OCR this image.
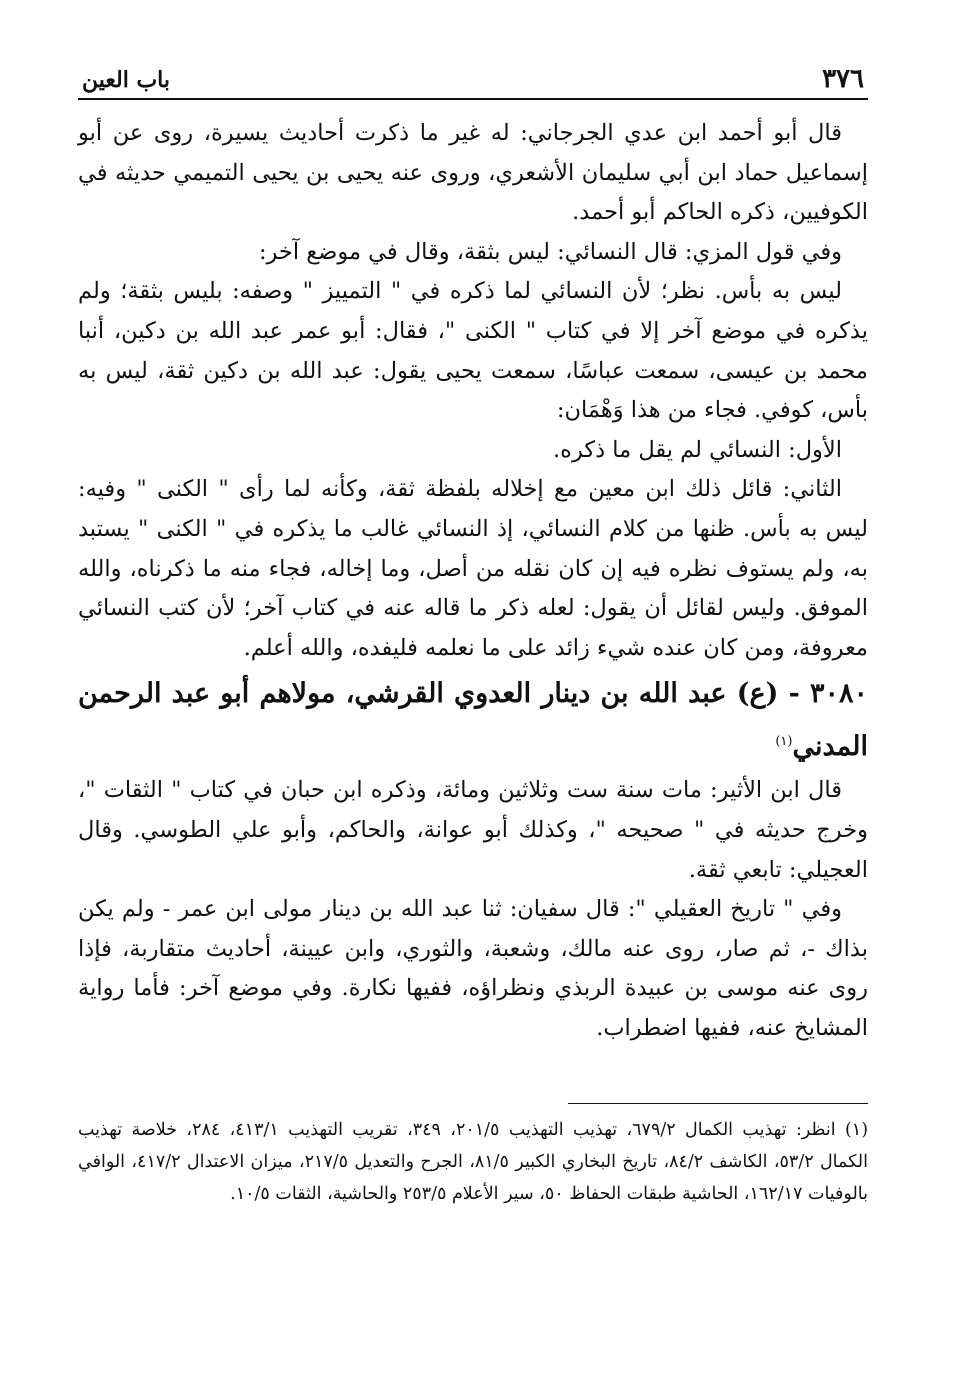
٣٧٦
باب العين

قال أبو أحمد ابن عدي الجرجاني: له غير ما ذكرت أحاديث يسيرة، روى عن أبو إسماعيل حماد ابن أبي سليمان الأشعري، وروى عنه يحيى بن يحيى التميمي حديثه في الكوفيين، ذكره الحاكم أبو أحمد.

وفي قول المزي: قال النسائي: ليس بثقة، وقال في موضع آخر:

ليس به بأس. نظر؛ لأن النسائي لما ذكره في " التمييز " وصفه: بليس بثقة؛ ولم يذكره في موضع آخر إلا في كتاب " الكنى "، فقال: أبو عمر عبد الله بن دكين، أنبا محمد بن عيسى، سمعت عباسًا، سمعت يحيى يقول: عبد الله بن دكين ثقة، ليس به بأس، كوفي. فجاء من هذا وَهْمَان:

الأول: النسائي لم يقل ما ذكره.

الثاني: قائل ذلك ابن معين مع إخلاله بلفظة ثقة، وكأنه لما رأى " الكنى " وفيه: ليس به بأس. ظنها من كلام النسائي، إذ النسائي غالب ما يذكره في " الكنى " يستبد به، ولم يستوف نظره فيه إن كان نقله من أصل، وما إخاله، فجاء منه ما ذكرناه، والله الموفق. وليس لقائل أن يقول: لعله ذكر ما قاله عنه في كتاب آخر؛ لأن كتب النسائي معروفة، ومن كان عنده شيء زائد على ما نعلمه فليفده، والله أعلم.

٣٠٨٠ - (ع) عبد الله بن دينار العدوي القرشي، مولاهم أبو عبد الرحمن المدني$^{(١)}$

قال ابن الأثير: مات سنة ست وثلاثين ومائة، وذكره ابن حبان في كتاب " الثقات "، وخرج حديثه في " صحيحه "، وكذلك أبو عوانة، والحاكم، وأبو علي الطوسي. وقال العجيلي: تابعي ثقة.

وفي " تاريخ العقيلي ": قال سفيان: ثنا عبد الله بن دينار مولى ابن عمر - ولم يكن بذاك -، ثم صار، روى عنه مالك، وشعبة، والثوري، وابن عيينة، أحاديث متقاربة، فإذا روى عنه موسى بن عبيدة الربذي ونظراؤه، ففيها نكارة. وفي موضع آخر: فأما رواية المشايخ عنه، ففيها اضطراب.

(١) انظر: تهذيب الكمال ٦٧٩/٢، تهذيب التهذيب ٢٠١/٥، ٣٤٩، تقريب التهذيب ٤١٣/١، ٢٨٤، خلاصة تهذيب الكمال ٥٣/٢، الكاشف ٨٤/٢، تاريخ البخاري الكبير ٨١/٥، الجرح والتعديل ٢١٧/٥، ميزان الاعتدال ٤١٧/٢، الوافي بالوفيات ١٦٢/١٧، الحاشية طبقات الحفاظ ٥٠، سير الأعلام ٢٥٣/٥ والحاشية، الثقات ١٠/٥.
